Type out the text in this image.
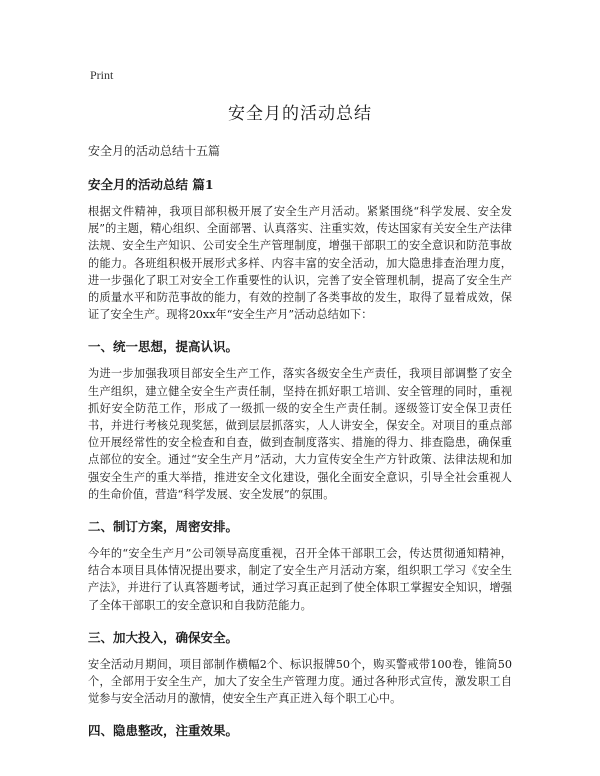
Print
安全月的活动总结
安全月的活动总结十五篇
安全月的活动总结 篇1

根据文件精神，我项目部积极开展了安全生产月活动。紧紧围绕“科学发展、安全发展”的主题，精心组织、全面部署、认真落实、注重实效，传达国家有关安全生产法律法规、安全生产知识、公司安全生产管理制度，增强干部职工的安全意识和防范事故的能力。各班组积极开展形式多样、内容丰富的安全活动，加大隐患排查治理力度，进一步强化了职工对安全工作重要性的认识，完善了安全管理机制，提高了安全生产的质量水平和防范事故的能力，有效的控制了各类事故的发生，取得了显着成效，保证了安全生产。现将20xx年“安全生产月”活动总结如下：

一、统一思想，提高认识。

为进一步加强我项目部安全生产工作，落实各级安全生产责任，我项目部调整了安全生产组织，建立健全安全生产责任制，坚持在抓好职工培训、安全管理的同时，重视抓好安全防范工作，形成了一级抓一级的安全生产责任制。逐级签订安全保卫责任书，并进行考核兑现奖惩，做到层层抓落实，人人讲安全，保安全。对项目的重点部位开展经常性的安全检查和自查，做到查制度落实、措施的得力、排查隐患，确保重点部位的安全。通过“安全生产月”活动，大力宣传安全生产方针政策、法律法规和加强安全生产的重大举措，推进安全文化建设，强化全面安全意识，引导全社会重视人的生命价值，营造“科学发展、安全发展”的氛围。

二、制订方案，周密安排。

今年的“安全生产月”公司领导高度重视，召开全体干部职工会，传达贯彻通知精神，结合本项目具体情况提出要求，制定了安全生产月活动方案，组织职工学习《安全生产法》，并进行了认真答题考试，通过学习真正起到了使全体职工掌握安全知识，增强了全体干部职工的安全意识和自我防范能力。

三、加大投入，确保安全。

安全活动月期间，项目部制作横幅2个、标识报牌50个，购买警戒带100卷，锥筒50个，全部用于安全生产，加大了安全生产管理力度。通过各种形式宣传，激发职工自觉参与安全活动月的激情，使安全生产真正进入每个职工心中。

四、隐患整改，注重效果。
